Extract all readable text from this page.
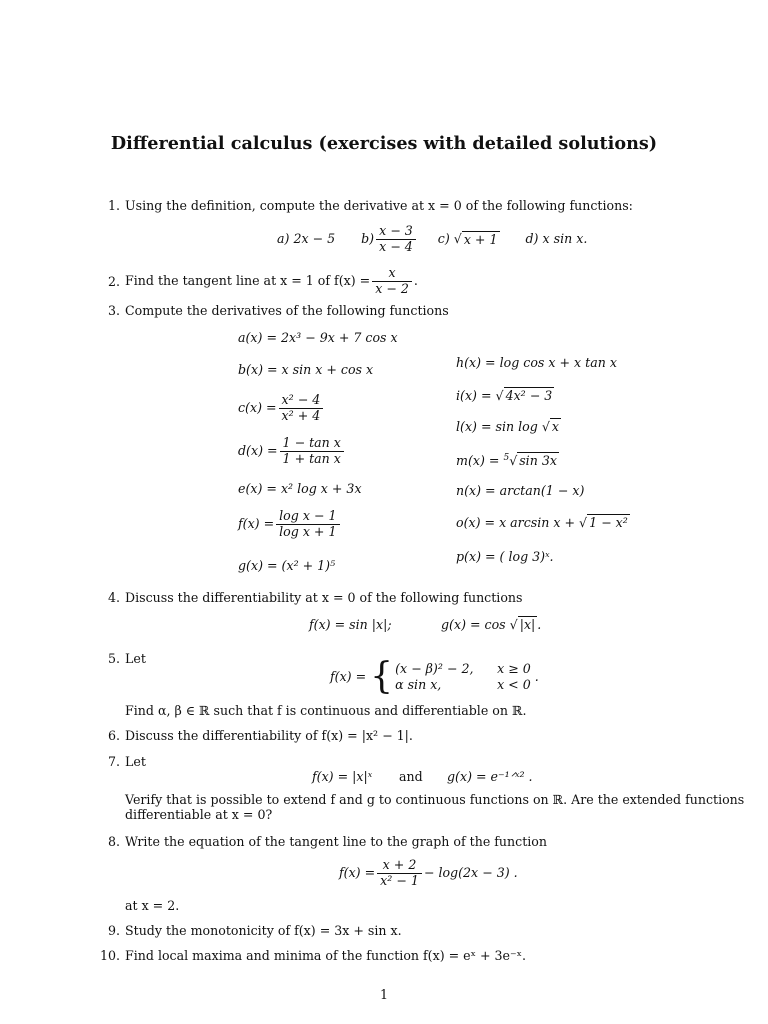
Differential calculus (exercises with detailed solutions)
1. Using the definition, compute the derivative at x = 0 of the following functions:
a)
2x − 5 $b) \frac{x - 3}{x - 4} c$)
√ x + 1 d)
x sin x.
2. Find the tangent line at x = 1 of $f(x) = \frac{x}{x - 2}$ .
3. Compute the derivatives of the following functions
a(x) = 2x³ − 9x + 7 cos x
b(x) = x sin x + cos x
$c(x) = \frac{\text{x² − 4}}{\text{x² + 4}}$
$d(x) = \frac{\text{1 − tan x}}{\text{1 + tan x}}$
e(x) = x² log x + 3x
$f(x) = \frac{\text{log x − 1}}{\text{log x + 1}}$
g(x) = (x² + 1)⁵
h(x) = log cos x + x tan x
i(x) = √ 4x² − 3
l(x) = sin log √ x
m(x) = $^5$√ sin 3x
n(x) = arctan(1 − x)
o(x) = x arcsin x + √ 1 − x²
p(x) = ( log 3)ˣ.
4. Discuss the differentiability at x = 0 of the following functions
f(x) = sin |x|;	g(x) = cos √ |x| .
5. Let
f(x) =
{ (x − β)² − 2,	x ≥ 0
α sin x,	x < 0

.
Find α, β ∈ ℝ such that f is continuous and differentiable on ℝ.
6. Discuss the differentiability of f(x) = |x² − 1|.
7. Let
f(x) = |x|ˣ and g(x) = e⁻¹ᐟˣ² .
Verify that is possible to extend f and g to continuous functions on ℝ. Are the extended functions
differentiable at x = 0?
8. Write the equation of the tangent line to the graph of the function
$f(x) = \frac{x + 2}{\text{x² − 1}} - \log(2x - 3)$ .
at x = 2.
9. Study the monotonicity of f(x) = 3x + sin x.
10. Find local maxima and minima of the function f(x) = eˣ + 3e⁻ˣ.
1
